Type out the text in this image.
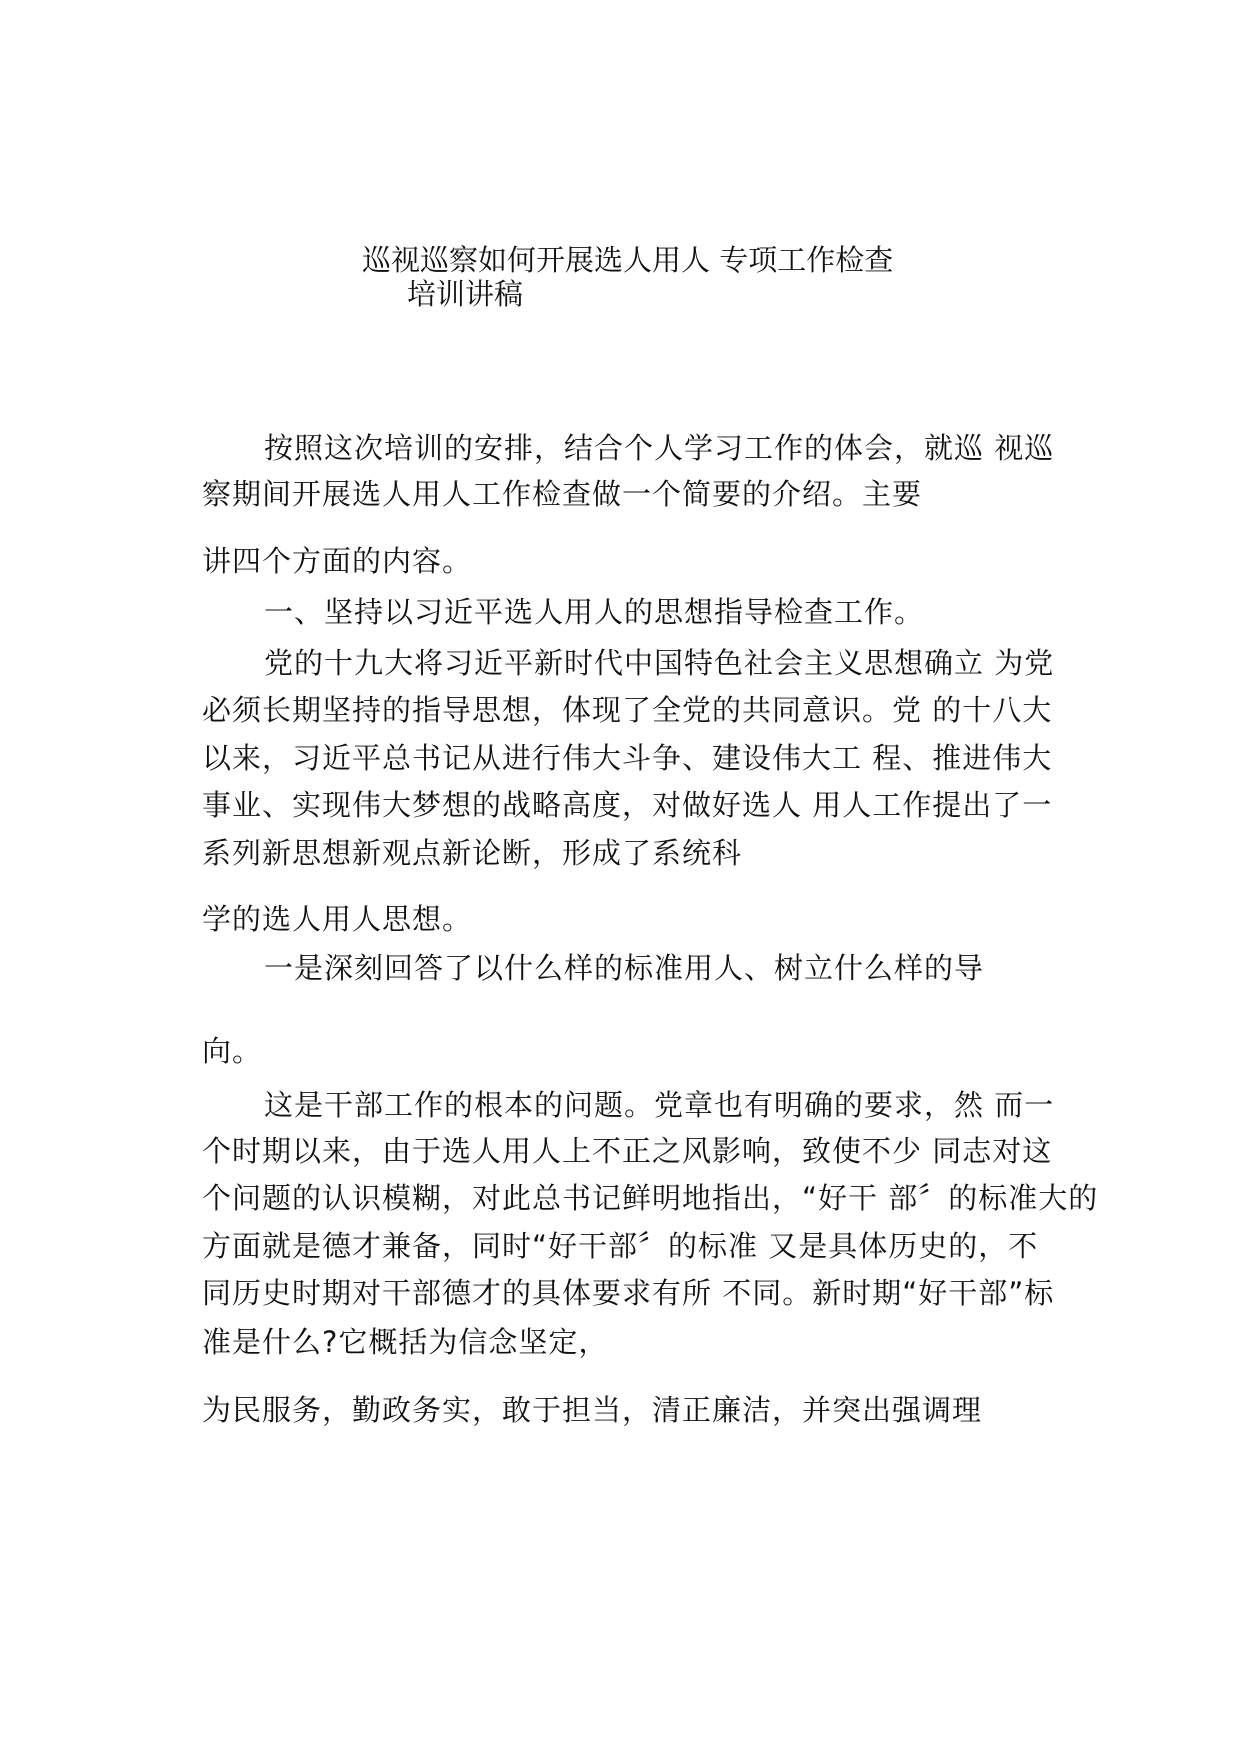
巡视巡察如何开展选人用人 专项工作检查
培训讲稿
按照这次培训的安排，结合个人学习工作的体会，就巡 视巡
察期间开展选人用人工作检查做一个简要的介绍。主要
讲四个方面的内容。
一、坚持以习近平选人用人的思想指导检查工作。
党的十九大将习近平新时代中国特色社会主义思想确立 为党
必须长期坚持的指导思想，体现了全党的共同意识。党 的十八大
以来，习近平总书记从进行伟大斗争、建设伟大工 程、推进伟大
事业、实现伟大梦想的战略高度，对做好选人 用人工作提出了一
系列新思想新观点新论断，形成了系统科
学的选人用人思想。
一是深刻回答了以什么样的标准用人、树立什么样的导
向。
这是干部工作的根本的问题。党章也有明确的要求，然 而一
个时期以来，由于选人用人上不正之风影响，致使不少 同志对这
个问题的认识模糊，对此总书记鲜明地指出，“好干 部〞的标准大的
方面就是德才兼备，同时“好干部〞的标准 又是具体历史的，不
同历史时期对干部德才的具体要求有所 不同。新时期“好干部”标
准是什么?它概括为信念坚定，
为民服务，勤政务实，敢于担当，清正廉洁，并突出强调理
